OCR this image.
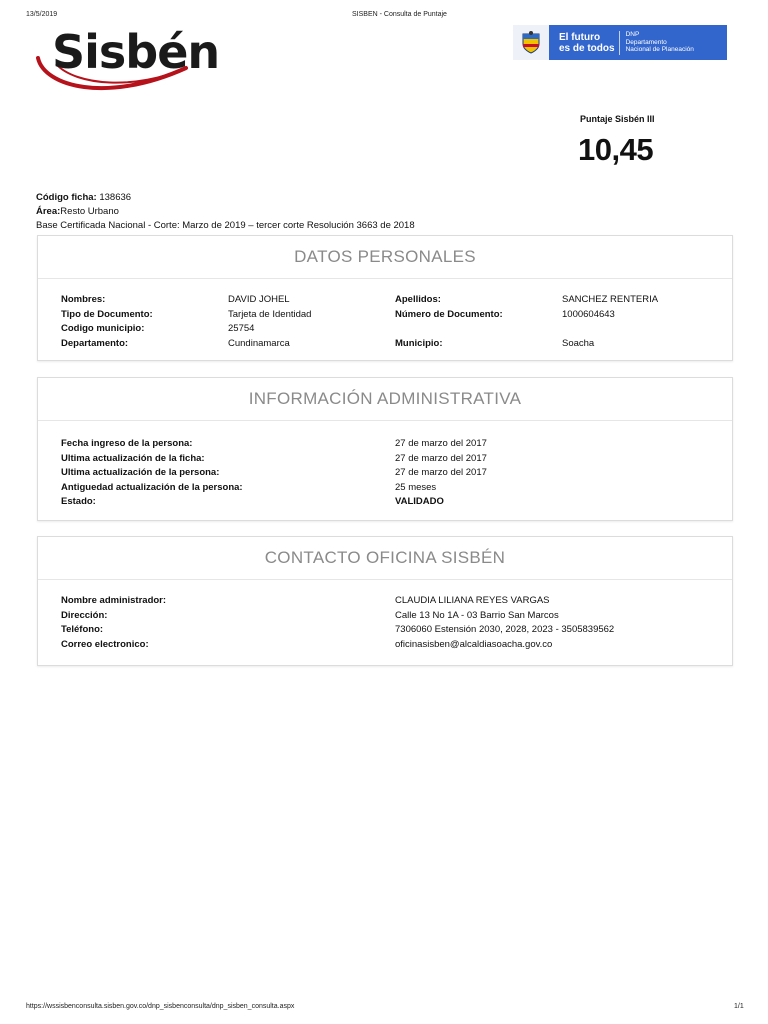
13/5/2019	SISBEN - Consulta de Puntaje
Sisbén	El futuro
es de todos
DNP
Departamento
Nacional de Planeación
Puntaje Sisbén III
10,45
Código ficha: 138636
Área:Resto Urbano
Base Certificada Nacional - Corte: Marzo de 2019 – tercer corte Resolución 3663 de 2018
DATOS PERSONALES
Nombres:	DAVID JOHEL	Apellidos:	SANCHEZ RENTERIA
Tipo de Documento:	Tarjeta de Identidad	Número de Documento:	1000604643
Codigo municipio:	25754
Departamento:	Cundinamarca	Municipio:	Soacha
INFORMACIÓN ADMINISTRATIVA
Fecha ingreso de la persona:	27 de marzo del 2017
Ultima actualización de la ficha:	27 de marzo del 2017
Ultima actualización de la persona:	27 de marzo del 2017
Antiguedad actualización de la persona:	25 meses
Estado:	VALIDADO
CONTACTO OFICINA SISBÉN
Nombre administrador:	CLAUDIA LILIANA REYES VARGAS
Dirección:	Calle 13 No 1A - 03 Barrio San Marcos
Teléfono:	7306060 Estensión 2030, 2028, 2023 - 3505839562
Correo electronico:	oficinasisben@alcaldiasoacha.gov.co
https://wssisbenconsulta.sisben.gov.co/dnp_sisbenconsulta/dnp_sisben_consulta.aspx	1/1
